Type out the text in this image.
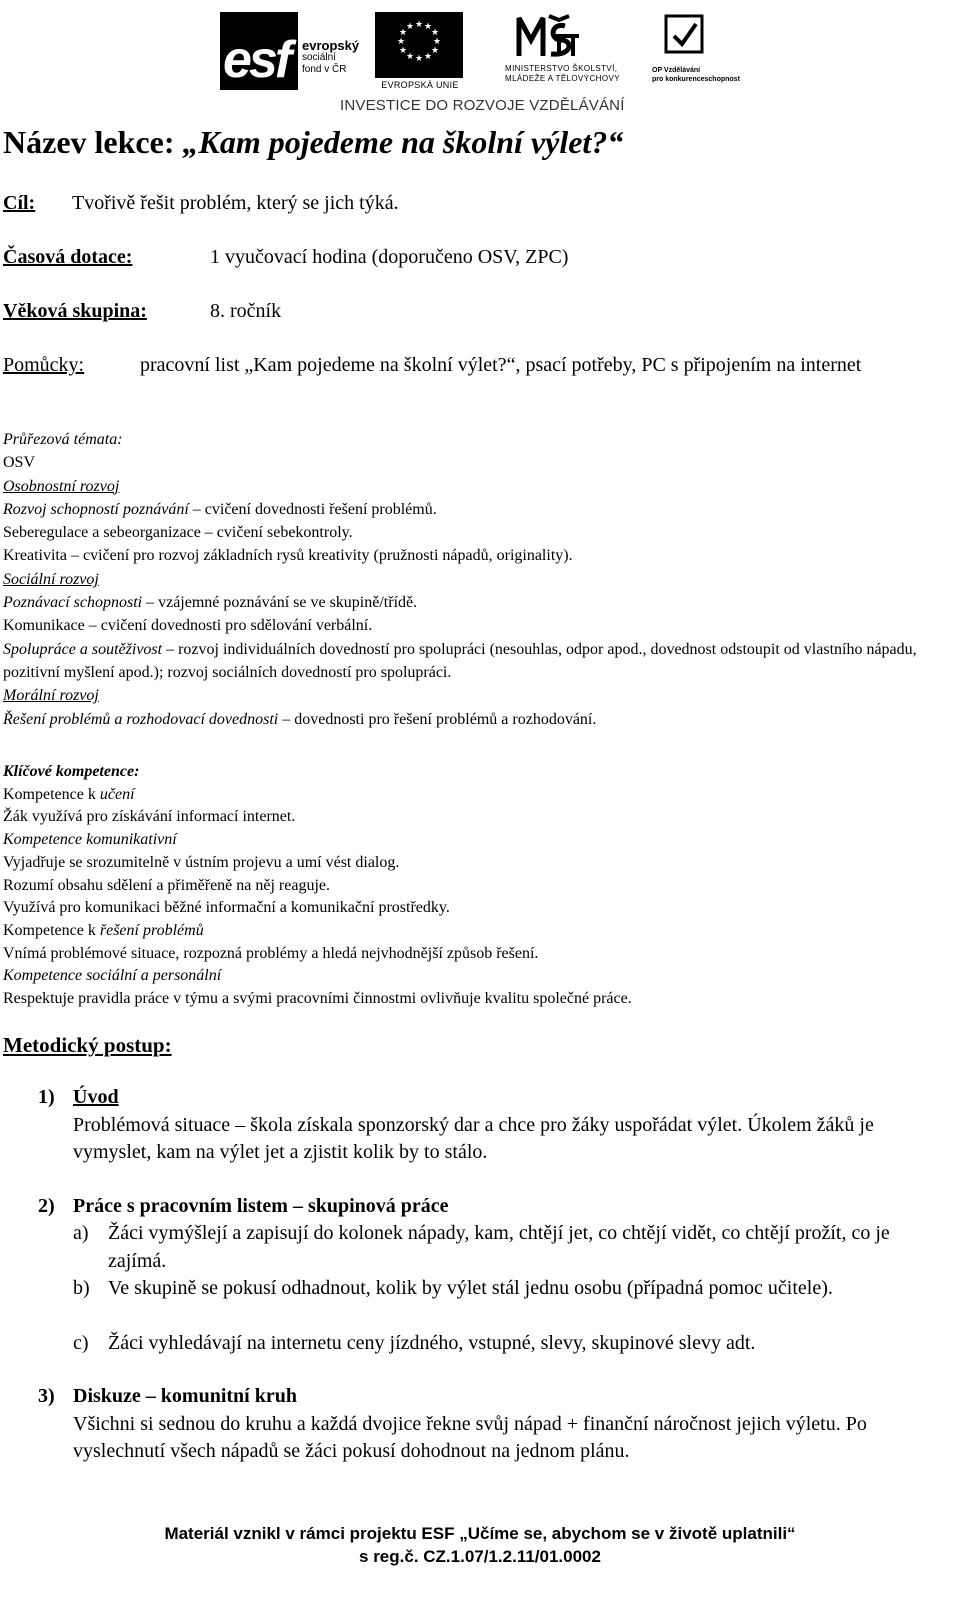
esf evropský
sociální
fond v ČR
★ ★
★
★
★
★
★
★
★
★
★
★
EVROPSKÁ UNIE
MINISTERSTVO ŠKOLSTVÍ,
MLÁDEŽE A TĚLOVÝCHOVY
OP Vzdělávání
pro konkurenceschopnost
INVESTICE DO ROZVOJE VZDĚLÁVÁNÍ
Název lekce: „Kam pojedeme na školní výlet?“
Cíl: Tvořivě řešit problém, který se jich týká.
Časová dotace:	1 vyučovací hodina (doporučeno OSV, ZPC)
Věková skupina:	8. ročník
Pomůcky:	pracovní list „Kam pojedeme na školní výlet?“, psací potřeby, PC s připojením na internet

Průřezová témata:

OSV

Osobnostní rozvoj

Rozvoj schopností poznávání – cvičení dovednosti řešení problémů.

Seberegulace a sebeorganizace – cvičení sebekontroly.

Kreativita – cvičení pro rozvoj základních rysů kreativity (pružnosti nápadů, originality).

Sociální rozvoj

Poznávací schopnosti – vzájemné poznávání se ve skupině/třídě.

Komunikace – cvičení dovednosti pro sdělování verbální.

Spolupráce a soutěživost – rozvoj individuálních dovedností pro spolupráci (nesouhlas, odpor apod., dovednost odstoupit od vlastního nápadu, pozitivní myšlení apod.); rozvoj sociálních dovedností pro spolupráci.

Morální rozvoj

Řešení problémů a rozhodovací dovednosti – dovednosti pro řešení problémů a rozhodování.

Klíčové kompetence:

Kompetence k učení

Žák využívá pro získávání informací internet.

Kompetence komunikativní

Vyjadřuje se srozumitelně v ústním projevu a umí vést dialog.

Rozumí obsahu sdělení a přiměřeně na něj reaguje.

Využívá pro komunikaci běžné informační a komunikační prostředky.

Kompetence k řešení problémů

Vnímá problémové situace, rozpozná problémy a hledá nejvhodnější způsob řešení.

Kompetence sociální a personální

Respektuje pravidla práce v týmu a svými pracovními činnostmi ovlivňuje kvalitu společné práce.

Metodický postup:
1) Úvod

Problémová situace – škola získala sponzorský dar a chce pro žáky uspořádat výlet. Úkolem žáků je vymyslet, kam na výlet jet a zjistit kolik by to stálo.

2) Práce s pracovním listem – skupinová práce

a) Žáci vymýšlejí a zapisují do kolonek nápady, kam, chtějí jet, co chtějí vidět, co chtějí prožít, co je zajímá.
b) Ve skupině se pokusí odhadnout, kolik by výlet stál jednu osobu (případná pomoc učitele).
c) Žáci vyhledávají na internetu ceny jízdného, vstupné, slevy, skupinové slevy adt.
3) Diskuze – komunitní kruh

Všichni si sednou do kruhu a každá dvojice řekne svůj nápad + finanční náročnost jejich výletu. Po vyslechnutí všech nápadů se žáci pokusí dohodnout na jednom plánu.

Materiál vznikl v rámci projektu ESF „Učíme se, abychom se v životě uplatnili“

s reg.č. CZ.1.07/1.2.11/01.0002
